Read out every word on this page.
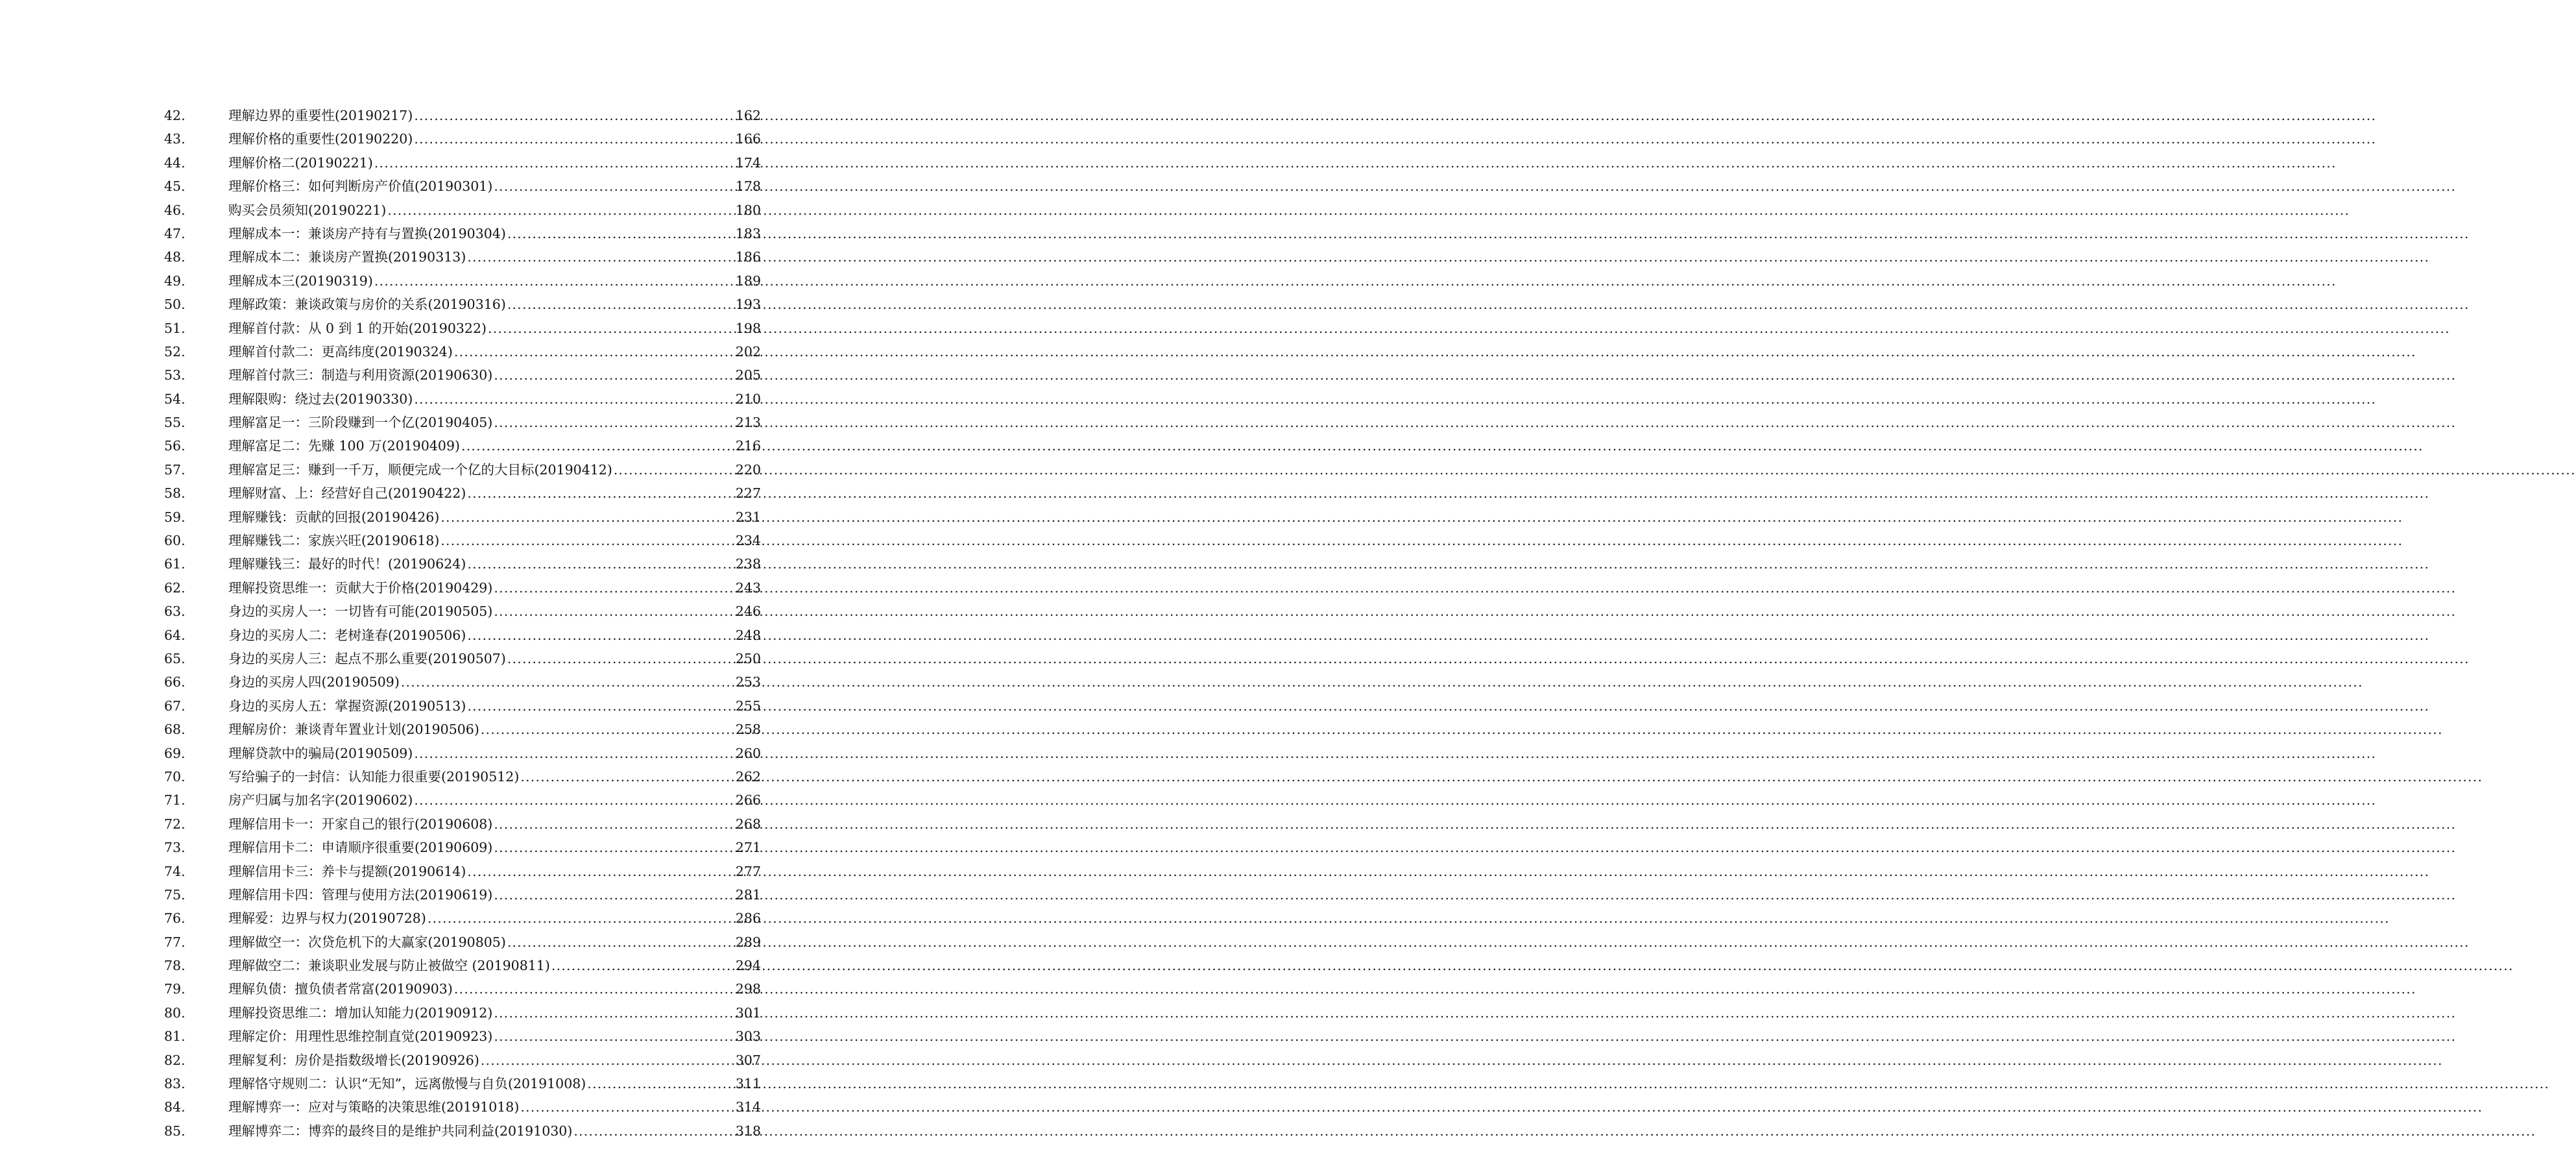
42.	理解边界的重要性(20190217) .....	162
43.	理解价格的重要性(20190220) .....	166
44.	理解价格二(20190221) .....	174
45.	理解价格三：如何判断房产价值(20190301) .....	178
46.	购买会员须知(20190221) .....	180
47.	理解成本一：兼谈房产持有与置换(20190304) .....	183
48.	理解成本二：兼谈房产置换(20190313) .....	186
49.	理解成本三(20190319) .....	189
50.	理解政策：兼谈政策与房价的关系(20190316) .....	193
51.	理解首付款：从 0 到 1 的开始(20190322) .....	198
52.	理解首付款二：更高纬度(20190324) .....	202
53.	理解首付款三：制造与利用资源(20190630) .....	205
54.	理解限购：绕过去(20190330) .....	210
55.	理解富足一：三阶段赚到一个亿(20190405) .....	213
56.	理解富足二：先赚 100 万(20190409) .....	216
57.	理解富足三：赚到一千万，顺便完成一个亿的大目标(20190412) .....	220
58.	理解财富、上：经营好自己(20190422) .....	227
59.	理解赚钱：贡献的回报(20190426) .....	231
60.	理解赚钱二：家族兴旺(20190618) .....	234
61.	理解赚钱三：最好的时代！(20190624) .....	238
62.	理解投资思维一：贡献大于价格(20190429) .....	243
63.	身边的买房人一：一切皆有可能(20190505) .....	246
64.	身边的买房人二：老树逢春(20190506) .....	248
65.	身边的买房人三：起点不那么重要(20190507) .....	250
66.	身边的买房人四(20190509) .....	253
67.	身边的买房人五：掌握资源(20190513) .....	255
68.	理解房价：兼谈青年置业计划(20190506) .....	258
69.	理解贷款中的骗局(20190509) .....	260
70.	写给骗子的一封信：认知能力很重要(20190512) .....	262
71.	房产归属与加名字(20190602) .....	266
72.	理解信用卡一：开家自己的银行(20190608) .....	268
73.	理解信用卡二：申请顺序很重要(20190609) .....	271
74.	理解信用卡三：养卡与提额(20190614) .....	277
75.	理解信用卡四：管理与使用方法(20190619) .....	281
76.	理解爱：边界与权力(20190728) .....	286
77.	理解做空一：次贷危机下的大赢家(20190805) .....	289
78.	理解做空二：兼谈职业发展与防止被做空 (20190811) .....	294
79.	理解负债：擅负债者常富(20190903) .....	298
80.	理解投资思维二：增加认知能力(20190912) .....	301
81.	理解定价：用理性思维控制直觉(20190923) .....	303
82.	理解复利：房价是指数级增长(20190926) .....	307
83.	理解恪守规则二：认识“无知”，远离傲慢与自负(20191008) .....	311
84.	理解博弈一：应对与策略的决策思维(20191018) .....	314
85.	理解博弈二：博弈的最终目的是维护共同利益(20191030) .....	318
